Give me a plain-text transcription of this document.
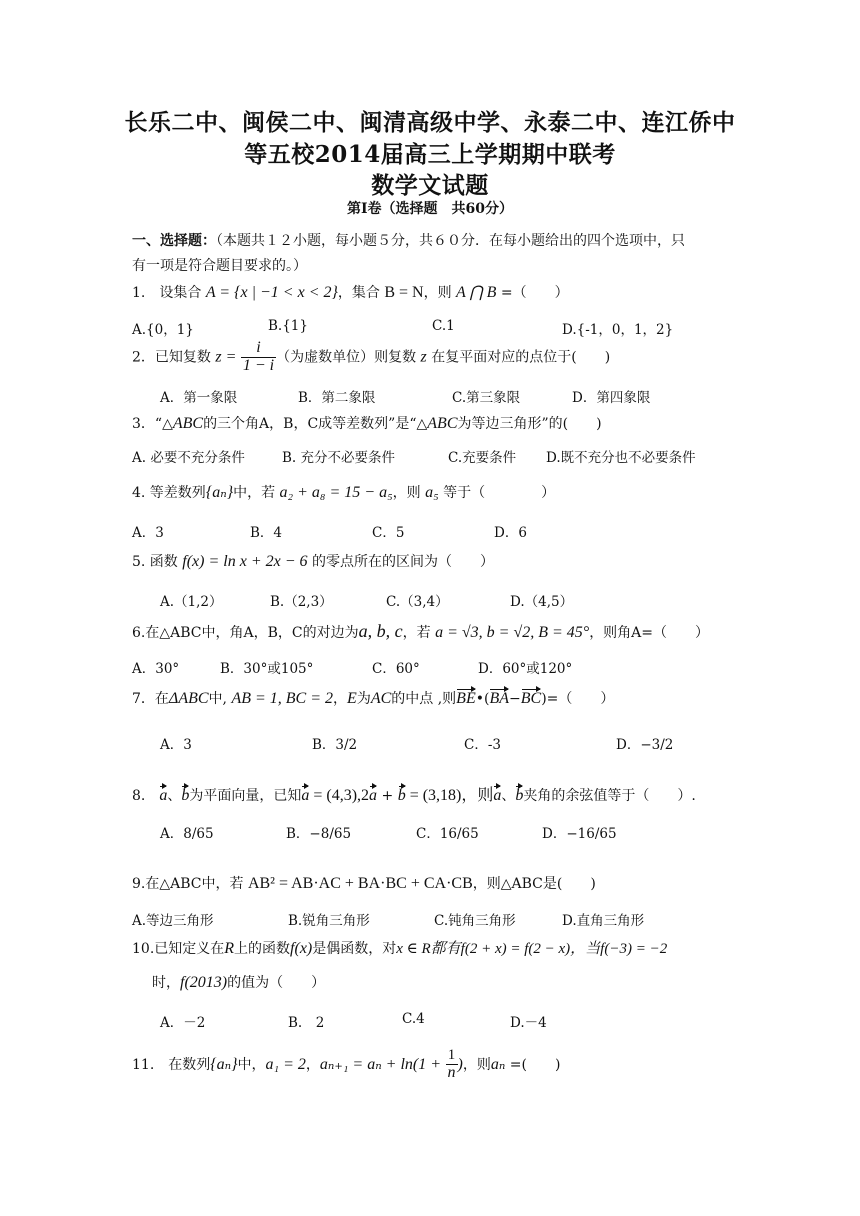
长乐二中、闽侯二中、闽清高级中学、永泰二中、连江侨中
等五校2014届高三上学期期中联考
数学文试题
第Ⅰ卷（选择题　共60分）
一、选择题：（本题共１２小题，每小题５分，共６０分．在每小题给出的四个选项中，只
有一项是符合题目要求的。）
1.　设集合 A = {x | −1 < x < 2}，集合 B = N，则 A ⋂ B =（　　）
A.{0，1}	B.{1}	C.1	D.{-1，0，1，2}
2．已知复数 $z = \frac{i}{1 - i}$ （为虚数单位）则复数 z 在复平面对应的点位于(　　)
A．第一象限	B．第二象限	C.第三象限	D．第四象限
3．“△ABC的三个角A，B，C成等差数列”是“△ABC为等边三角形”的(　　)
A. 必要不充分条件	B. 充分不必要条件	C.充要条件 D.既不充分也不必要条件
4. 等差数列{aₙ}中，若 a₂ + a₈ = 15 − a₅，则 a₅ 等于（　　　　）
A．3	B．4	C．5	D．6
5. 函数 f(x) = ln x + 2x − 6 的零点所在的区间为（　　）
A.（1,2）	B.（2,3）	C.（3,4）	D.（4,5）
6.在△ABC中，角A，B，C的对边为a, b, c，若 a = √3, b = √2, B = 45°，则角A=（　　）
A．30°	B．30°或105°	C．60°	D．60°或120°
7．在ΔABC中, AB = 1, BC = 2，E为AC的中点 ,则BE•(BA−BC)=（　　）
A．3	B．3/2	C．-3	D．−3/2
8.　a、b为平面向量，已知a = (4,3),2a + b = (3,18)，则a、b夹角的余弦值等于（　　）.
A．8/65	B．−8/65	C．16/65	D．−16/65
9.在△ABC中，若 AB² = AB·AC + BA·BC + CA·CB，则△ABC是(　　)
A.等边三角形	B.锐角三角形	C.钝角三角形	D.直角三角形
10.已知定义在R上的函数f(x)是偶函数，对x ∈ R都有f(2 + x) = f(2 − x)，当f(−3) = −2
时，f(2013)的值为（　　）
A．－2	B.　2	C.4	D.－4
11.　在数列{aₙ}中，a₁ = 2，$a_{n+1} = a_n + \ln(1 + \frac{1}{n}$ )，则aₙ =(　　)
